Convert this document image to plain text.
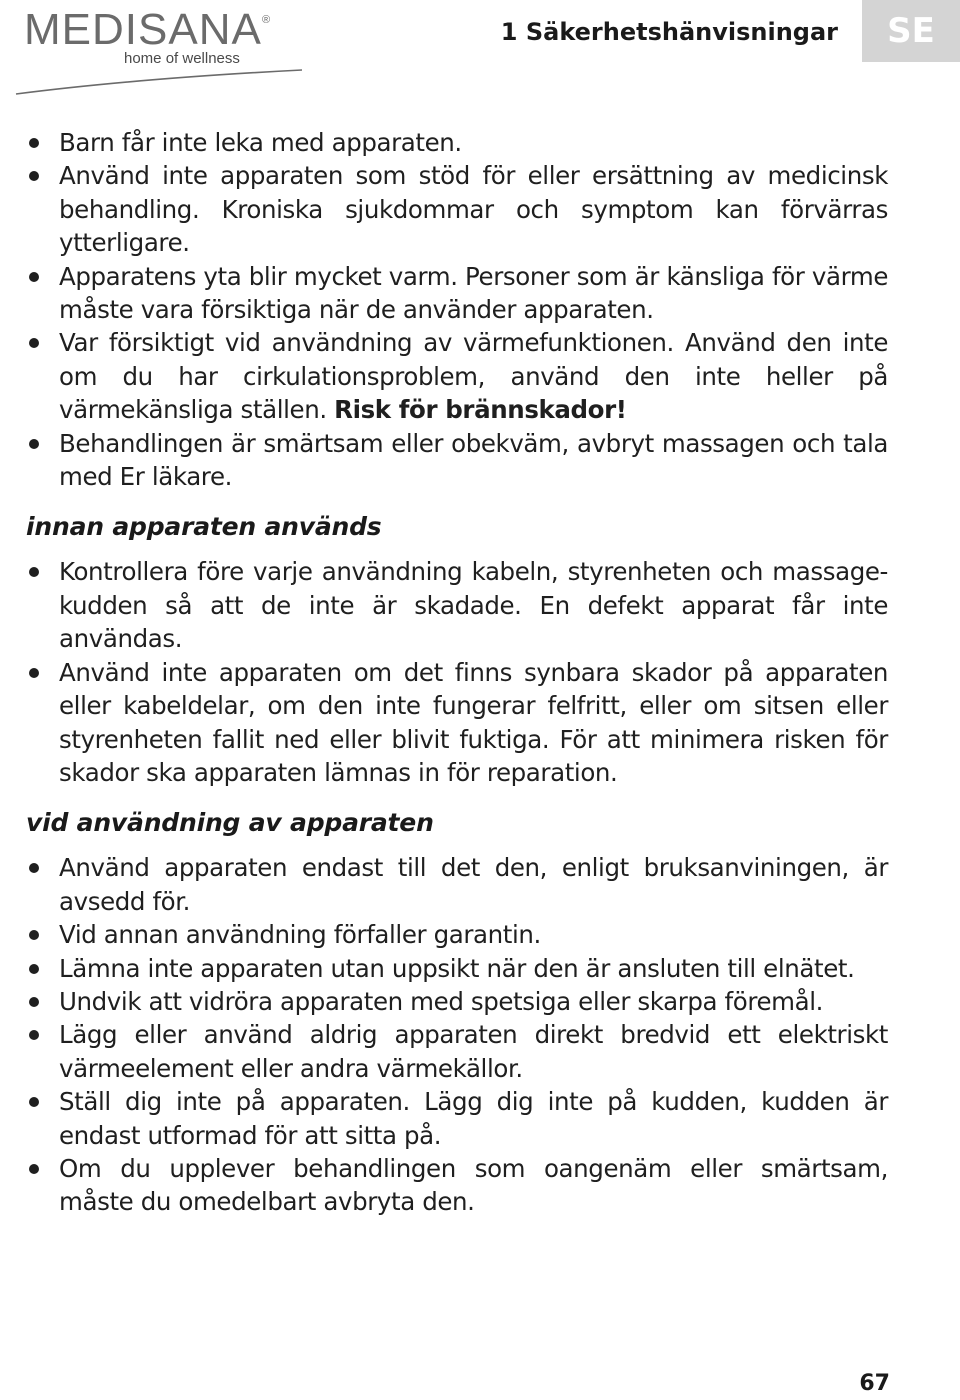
MEDISANA ®
home of wellness
1 Säkerhetshänvisningar	SE
Barn får inte leka med apparaten.
Använd inte apparaten som stöd för eller ersättning av medicinsk behandling. Kroniska sjukdommar och symptom kan förvärras ytterligare.
Apparatens yta blir mycket varm. Personer som är känsliga för värme måste vara försiktiga när de använder apparaten.
Var försiktigt vid användning av värmefunktionen. Använd den inte om du har cirkulationsproblem, använd den inte heller på värmekänsliga ställen. Risk för brännskador!
Behandlingen är smärtsam eller obekväm, avbryt massagen och tala med Er läkare.
innan apparaten används
Kontrollera före varje användning kabeln, styrenheten och massage-kudden så att de inte är skadade. En defekt apparat får inte användas.
Använd inte apparaten om det finns synbara skador på apparaten eller kabeldelar, om den inte fungerar felfritt, eller om sitsen eller styrenheten fallit ned eller blivit fuktiga. För att minimera risken för skador ska apparaten lämnas in för reparation.
vid användning av apparaten
Använd apparaten endast till det den, enligt bruksanviningen, är avsedd för.
Vid annan användning förfaller garantin.
Lämna inte apparaten utan uppsikt när den är ansluten till elnätet.
Undvik att vidröra apparaten med spetsiga eller skarpa föremål.
Lägg eller använd aldrig apparaten direkt bredvid ett elektriskt värmeelement eller andra värmekällor.
Ställ dig inte på apparaten. Lägg dig inte på kudden, kudden är endast utformad för att sitta på.
Om du upplever behandlingen som oangenäm eller smärtsam, måste du omedelbart avbryta den.
67
